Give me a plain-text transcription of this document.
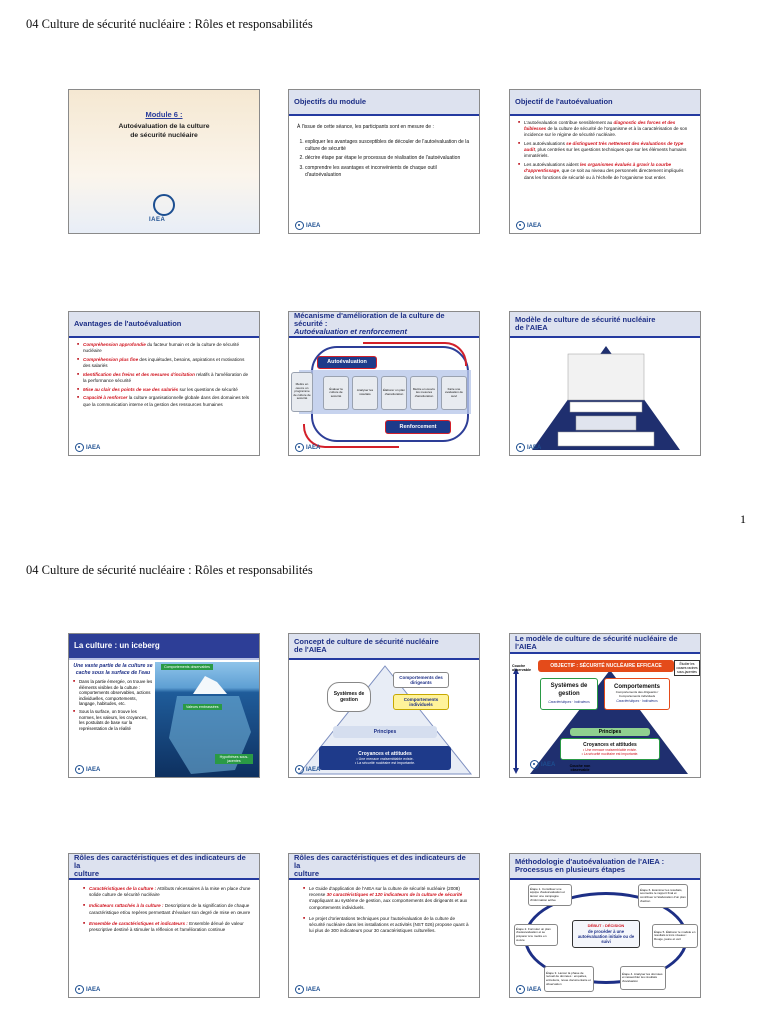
04 Culture de sécurité nucléaire : Rôles et responsabilités
Module 6 :
Autoévaluation de la culture
de sécurité nucléaire
IAEA
Objectifs du module

À l'issue de cette séance, les participants sont en mesure de :

1. expliquer les avantages susceptibles de découler de l'autoévaluation de la culture de sécurité
2. décrire étape par étape le processus de réalisation de l'autoévaluation
3. comprendre les avantages et inconvénients de chaque outil d'autoévaluation
IAEA
Objectif de l'autoévaluation
■ L'autoévaluation contribue sensiblement au diagnostic des forces et des faiblesses de la culture de sécurité de l'organisme et à la caractérisation de son incidence sur le régime de sécurité nucléaire.
■ Les autoévaluations se distinguent très nettement des évaluations de type audit, plus centrées sur les questions techniques que sur les éléments humains immatériels.
■ Les autoévaluations aident les organismes évalués à gravir la courbe d'apprentissage, que ce soit au niveau des personnels directement impliqués dans les fonctions de sécurité ou à l'échelle de l'organisme tout entier.
IAEA
Avantages de l'autoévaluation
■ Compréhension approfondie du facteur humain et de la culture de sécurité nucléaire
■ Compréhension plus fine des inquiétudes, besoins, aspirations et motivations des salariés
■ Identification des freins et des mesures d'incitation relatifs à l'amélioration de la performance sécurité
■ Mise au clair des points de vue des salariés sur les questions de sécurité
■ Capacité à renforcer la culture organisationnelle globale dans des domaines tels que la communication interne et la gestion des ressources humaines
IAEA
Mécanisme d'amélioration de la culture de sécurité :
Autoévaluation et renforcement
Autoévaluation
Mettre en œuvre un programme de culture de sécurité
Évaluer la culture de sécurité
Analyser les résultats
Élaborer un plan d'amélioration
Mettre en œuvre les mesures d'amélioration
Faire une évaluation de suivi
Renforcement
IAEA
Modèle de culture de sécurité nucléaire
de l'AIEA
IAEA
1
04 Culture de sécurité nucléaire : Rôles et responsabilités
La culture : un iceberg
Une vaste partie de la culture se cache sous la surface de l'eau
■ Dans la partie émergée, on trouve les éléments visibles de la culture : comportements observables, actions individuelles, comportements, langage, habitudes, etc.
■ Sous la surface, on trouve les normes, les valeurs, les croyances, les postulats de base sur la représentation de la réalité
Comportements observables
Valeurs embrassées
Hypothèses sous-jacentes
IAEA
Concept de culture de sécurité nucléaire
de l'AIEA
Systèmes de gestion
Comportements des dirigeants
Comportements individuels
Principes
Croyances et attitudes
• Une menace vraisemblable existe.
• La sécurité nucléaire est importante.
IAEA
Le modèle de culture de sécurité nucléaire de
l'AIEA
Couche observable
OBJECTIF : SÉCURITÉ NUCLÉAIRE EFFICACE	Étudier les causes racines sous-jacentes
Systèmes de gestion
Caractéristiques · Indicateurs
Comportements
Comportements des dirigeants / Comportements individuels
Caractéristiques · Indicateurs
Principes
Croyances et attitudes
• Une menace vraisemblable existe.
• La sécurité nucléaire est importante.
Couche non observable
IAEA
Rôles des caractéristiques et des indicateurs de la
culture
■ Caractéristiques de la culture : Attributs nécessaires à la mise en place d'une solide culture de sécurité nucléaire
■ Indicateurs rattachés à la culture : Descriptions de la signification de chaque caractéristique et/ou repères permettant d'évaluer son degré de mise en œuvre
■ Ensemble de caractéristiques et indicateurs : Ensemble dénué de valeur prescriptive destiné à stimuler la réflexion et l'amélioration continue
IAEA
Rôles des caractéristiques et des indicateurs de la
culture
■ Le Guide d'application de l'AIEA sur la culture de sécurité nucléaire (2008) recense 30 caractéristiques et 120 indicateurs de la culture de sécurité s'appliquant au système de gestion, aux comportements des dirigeants et aux comportements individuels.
■ Le projet d'orientations techniques pour l'autoévaluation de la culture de sécurité nucléaire dans les installations et activités (NST 026) propose quant à lui plus de 300 indicateurs pour 30 caractéristiques culturelles.
IAEA
Méthodologie d'autoévaluation de l'AIEA :
Processus en plusieurs étapes
DÉBUT : DÉCISION
de procéder à une autoévaluation initiale ou de suivi
Étape 1. Constituer une équipe d'autoévaluation et lancer une campagne d'information active
Étape 2. Formuler un plan d'autoévaluation et se préparer à le mettre en œuvre
Étape 3. Lancer la phase de recueil de données : enquêtes, entretiens, revue documentaire et observation
Étape 4. Analyser les données et rassembler les résultats d'évaluation
Étape 5. Élaborer le modèle en résultats à trois niveaux : Rouge, jaune et vert
Étape 6. Examiner les résultats, soumettre le rapport final et contribuer à l'élaboration d'un plan d'action
IAEA
